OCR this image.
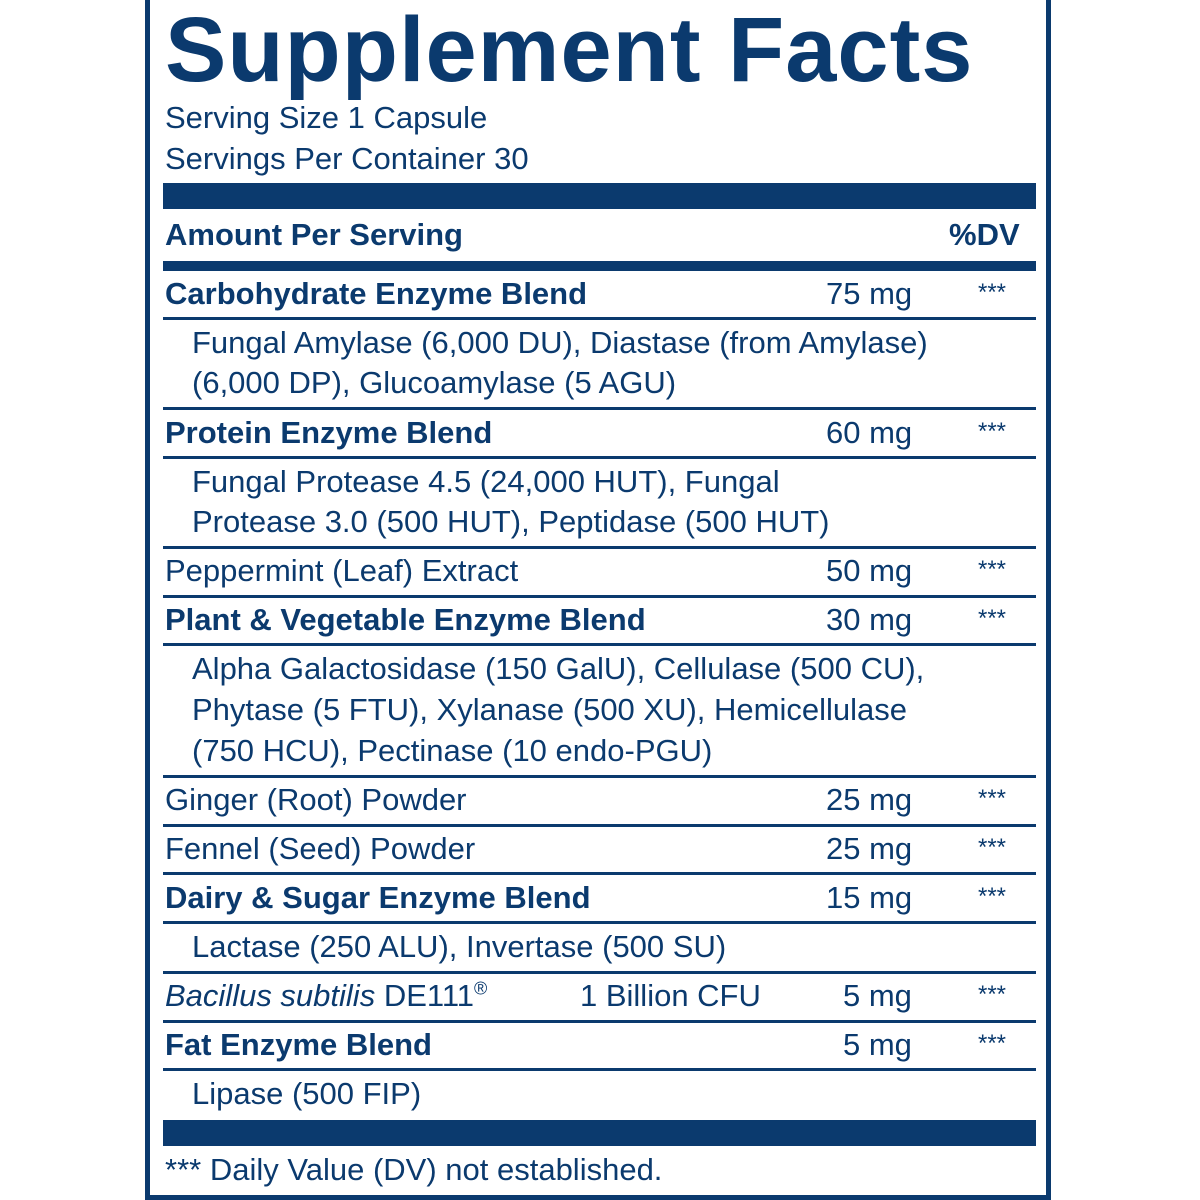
Supplement Facts
Serving Size 1 Capsule
Servings Per Container 30
Amount Per Serving	%DV
Carbohydrate Enzyme Blend	75 mg	***
Fungal Amylase (6,000 DU), Diastase (from Amylase)
(6,000 DP), Glucoamylase (5 AGU)
Protein Enzyme Blend	60 mg	***
Fungal Protease 4.5 (24,000 HUT), Fungal
Protease 3.0 (500 HUT), Peptidase (500 HUT)
Peppermint (Leaf) Extract	50 mg	***
Plant & Vegetable Enzyme Blend	30 mg	***
Alpha Galactosidase (150 GalU), Cellulase (500 CU),
Phytase (5 FTU), Xylanase (500 XU), Hemicellulase
(750 HCU), Pectinase (10 endo-PGU)
Ginger (Root) Powder	25 mg	***
Fennel (Seed) Powder	25 mg	***
Dairy & Sugar Enzyme Blend	15 mg	***
Lactase (250 ALU), Invertase (500 SU)
Bacillus subtilis DE111®	1 Billion CFU	5 mg	***
Fat Enzyme Blend	5 mg	***
Lipase (500 FIP)
*** Daily Value (DV) not established.
